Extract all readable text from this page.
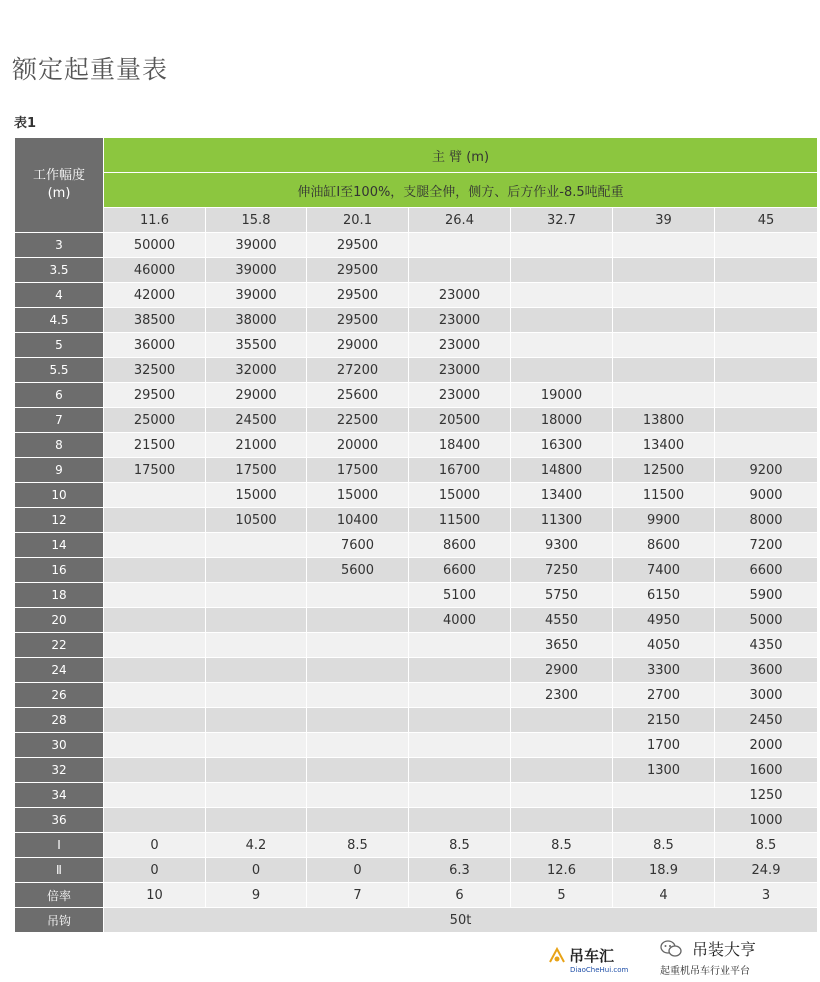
额定起重量表
表1
工作幅度
(m)	主 臂 (m)						
	伸油缸Ⅰ至100%，支腿全伸，侧方、后方作业-8.5吨配重						
	11.6	15.8	20.1	26.4	32.7	39	45
3	50000	39000	29500				
3.5	46000	39000	29500				
4	42000	39000	29500	23000			
4.5	38500	38000	29500	23000			
5	36000	35500	29000	23000			
5.5	32500	32000	27200	23000			
6	29500	29000	25600	23000	19000		
7	25000	24500	22500	20500	18000	13800	
8	21500	21000	20000	18400	16300	13400	
9	17500	17500	17500	16700	14800	12500	9200
10		15000	15000	15000	13400	11500	9000
12		10500	10400	11500	11300	9900	8000
14			7600	8600	9300	8600	7200
16			5600	6600	7250	7400	6600
18				5100	5750	6150	5900
20				4000	4550	4950	5000
22					3650	4050	4350
24					2900	3300	3600
26					2300	2700	3000
28						2150	2450
30						1700	2000
32						1300	1600
34							1250
36							1000
Ⅰ	0	4.2	8.5	8.5	8.5	8.5	8.5
Ⅱ	0	0	0	6.3	12.6	18.9	24.9
倍率	10	9	7	6	5	4	3
吊钩	50t						
吊车汇
DiaoCheHui.com
吊装大亨
起重机吊车行业平台
